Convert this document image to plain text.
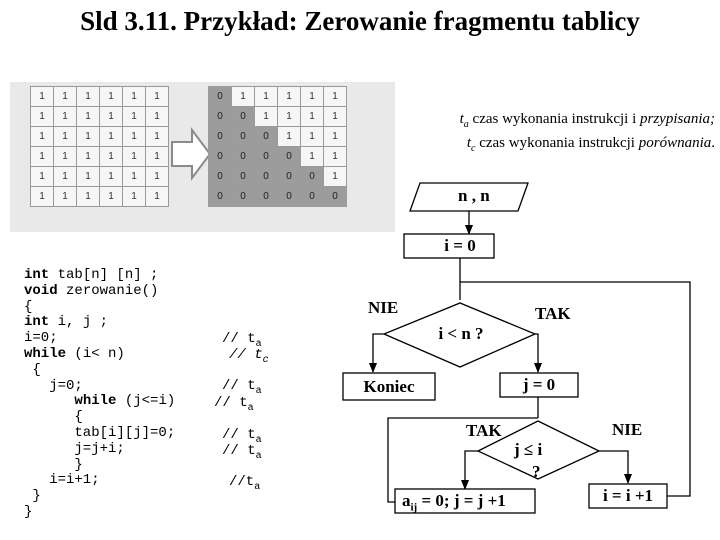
Sld 3.11. Przykład: Zerowanie fragmentu tablicy
1	1	1	1	1	1
1	1	1	1	1	1
1	1	1	1	1	1
1	1	1	1	1	1
1	1	1	1	1	1
1	1	1	1	1	1
0	1	1	1	1	1
0	0	1	1	1	1
0	0	0	1	1	1
0	0	0	0	1	1
0	0	0	0	0	1
0	0	0	0	0	0
$t_a$ czas wykonania instrukcji i przypisania;
$t_c$ czas wykonania instrukcji porównania.
int tab[n] [n] ;
void zerowanie()
{
int i, j ;
i=0;
while (i< n)
{
j=0;
while (j<=i)
{
tab[i][j]=0;
j=j+i;
}
i=i+1;
}
}
// $t_a$
// $t_c$
// $t_a$
// $t_a$
// $t_a$
// $t_a$
$//t_a$
n , n
i = 0
i < n ?
NIE	TAK
Koniec	j = 0
TAK	NIE
j ≤ i
?
$a_{ij} = 0$; j = j +1	i = i +1
